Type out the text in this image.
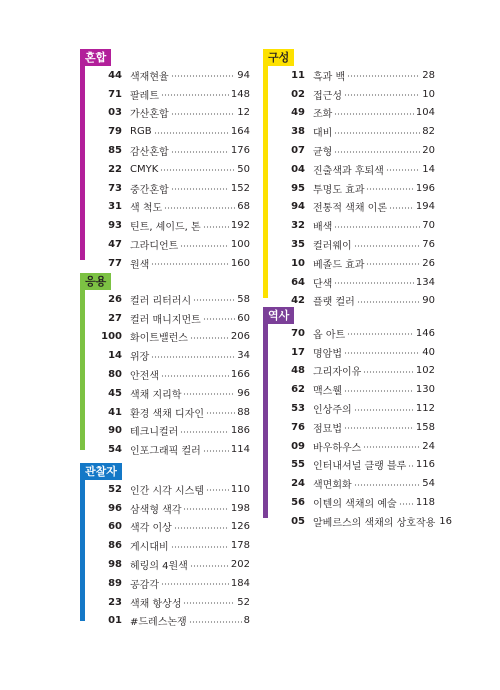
혼합
44 색재현율	94
71 팔레트	148
03 가산혼합	12
79 RGB	164
85 감산혼합	176
22 CMYK	50
73 중간혼합	152
31 색 척도	68
93 틴트, 셰이드, 톤	192
47 그라디언트	100
77 원색	160
응용
26 컬러 리터러시	58
27 컬러 매니지먼트	60
100 화이트밸런스	206
14 위장	34
80 안전색	166
45 색채 지리학	96
41 환경 색채 디자인	88
90 테크니컬러	186
54 인포그래픽 컬러	114
관찰자
52 인간 시각 시스템	110
96 삼색형 색각	198
60 색각 이상	126
86 게시대비	178
98 헤링의 4원색	202
89 공감각	184
23 색채 항상성	52
01 #드레스논쟁	8
구성
11 흑과 백	28
02 접근성	10
49 조화	104
38 대비	82
07 균형	20
04 진출색과 후퇴색	14
95 투명도 효과	196
94 전통적 색채 이론	194
32 배색	70
35 컬러웨이	76
10 베졸드 효과	26
64 단색	134
42 플랫 컬러	90
역사
70 옵 아트	146
17 명암법	40
48 그리자이유	102
62 맥스웰	130
53 인상주의	112
76 점묘법	158
09 바우하우스	24
55 인터내셔널 클랭 블루 116
24 색면회화	54
56 이텐의 색채의 예술 118
05 알베르스의 색채의 상호작용 16
